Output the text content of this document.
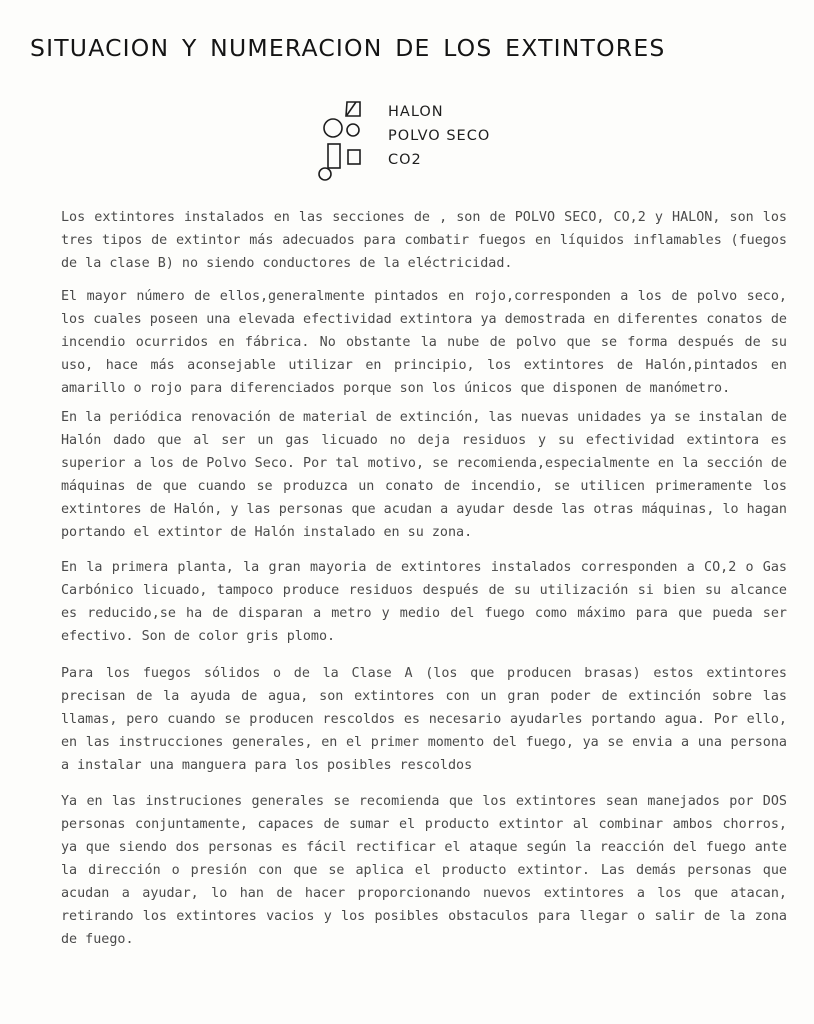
SITUACION Y NUMERACION DE LOS EXTINTORES
HALON
POLVO SECO
CO2

Los extintores instalados en las secciones de , son de POLVO SECO, CO,2 y HALON, son los tres tipos de extintor más adecuados para combatir fuegos en líquidos inflamables (fuegos de la clase B) no siendo conductores de la eléctricidad.

El mayor número de ellos,generalmente pintados en rojo,corresponden a los de polvo seco, los cuales poseen una elevada efectividad extintora ya demostrada en diferentes conatos de incendio ocurridos en fábrica. No obstante la nube de polvo que se forma después de su uso, hace más aconsejable utilizar en principio, los extintores de Halón,pintados en amarillo o rojo para diferenciados porque son los únicos que disponen de manómetro.

En la periódica renovación de material de extinción, las nuevas unidades ya se instalan de Halón dado que al ser un gas licuado no deja residuos y su efectividad extintora es superior a los de Polvo Seco. Por tal motivo, se recomienda,especialmente en la sección de máquinas de que cuando se produzca un conato de incendio, se utilicen primeramente los extintores de Halón, y las personas que acudan a ayudar desde las otras máquinas, lo hagan portando el extintor de Halón instalado en su zona.

En la primera planta, la gran mayoria de extintores instalados corresponden a CO,2 o Gas Carbónico licuado, tampoco produce residuos después de su utilización si bien su alcance es reducido,se ha de disparan a metro y medio del fuego como máximo para que pueda ser efectivo. Son de color gris plomo.

Para los fuegos sólidos o de la Clase A (los que producen brasas) estos extintores precisan de la ayuda de agua, son extintores con un gran poder de extinción sobre las llamas, pero cuando se producen rescoldos es necesario ayudarles portando agua. Por ello, en las instrucciones generales, en el primer momento del fuego, ya se envia a una persona a instalar una manguera para los posibles rescoldos

Ya en las instruciones generales se recomienda que los extintores sean manejados por DOS personas conjuntamente, capaces de sumar el producto extintor al combinar ambos chorros, ya que siendo dos personas es fácil rectificar el ataque según la reacción del fuego ante la dirección o presión con que se aplica el producto extintor. Las demás personas que acudan a ayudar, lo han de hacer proporcionando nuevos extintores a los que atacan, retirando los extintores vacios y los posibles obstaculos para llegar o salir de la zona de fuego.
